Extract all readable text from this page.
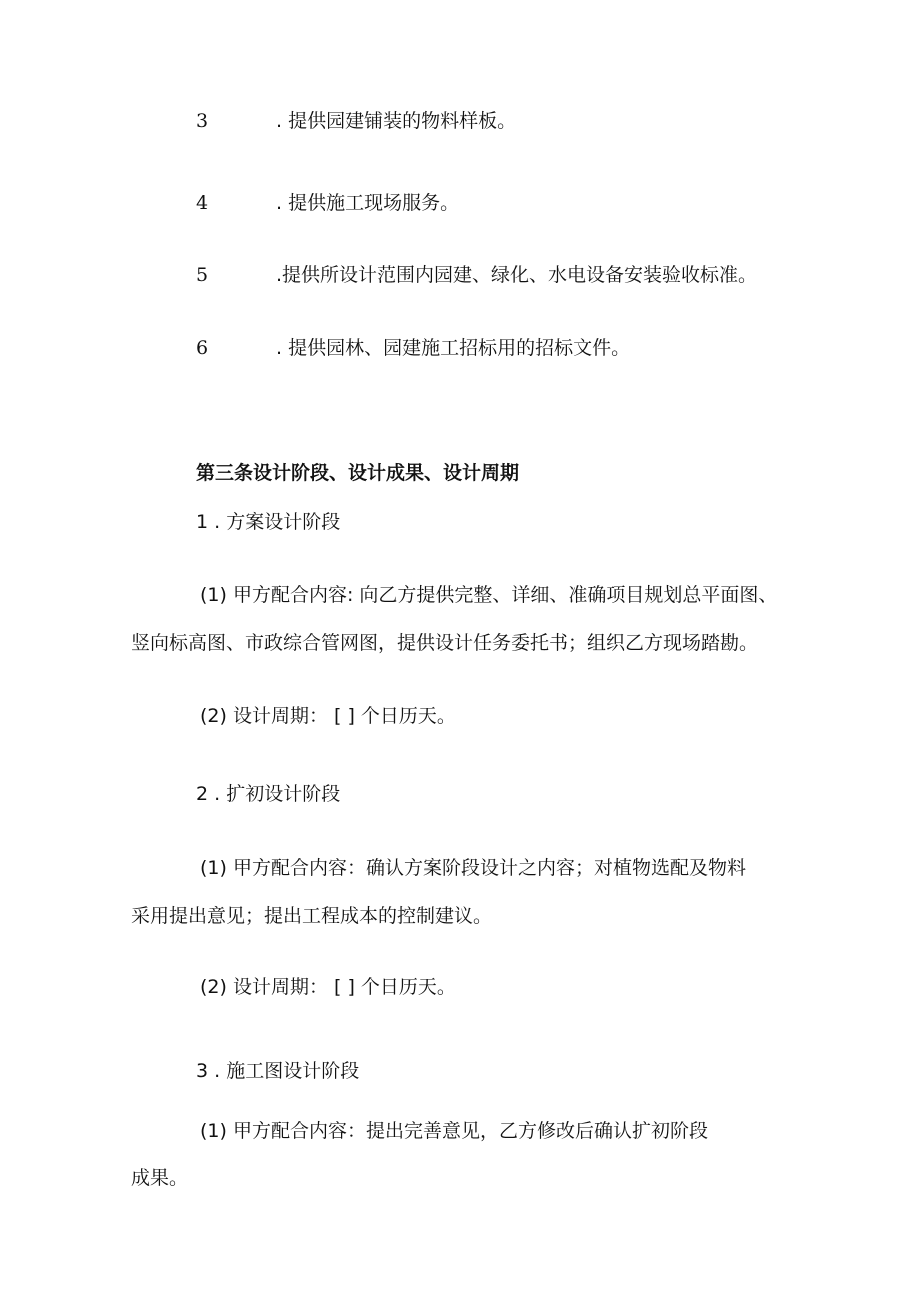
3	. 提供园建铺装的物料样板。
4	. 提供施工现场服务。
5	.提供所设计范围内园建、绿化、水电设备安装验收标准。
6	. 提供园林、园建施工招标用的招标文件。
第三条设计阶段、设计成果、设计周期
1 . 方案设计阶段
(1) 甲方配合内容: 向乙方提供完整、详细、准确项目规划总平面图、
竖向标高图、市政综合管网图，提供设计任务委托书；组织乙方现场踏勘。
(2) 设计周期： [ ] 个日历天。
2 . 扩初设计阶段
(1) 甲方配合内容：确认方案阶段设计之内容；对植物选配及物料
采用提出意见；提出工程成本的控制建议。
(2) 设计周期： [ ] 个日历天。
3 . 施工图设计阶段
(1) 甲方配合内容：提出完善意见，乙方修改后确认扩初阶段
成果。
